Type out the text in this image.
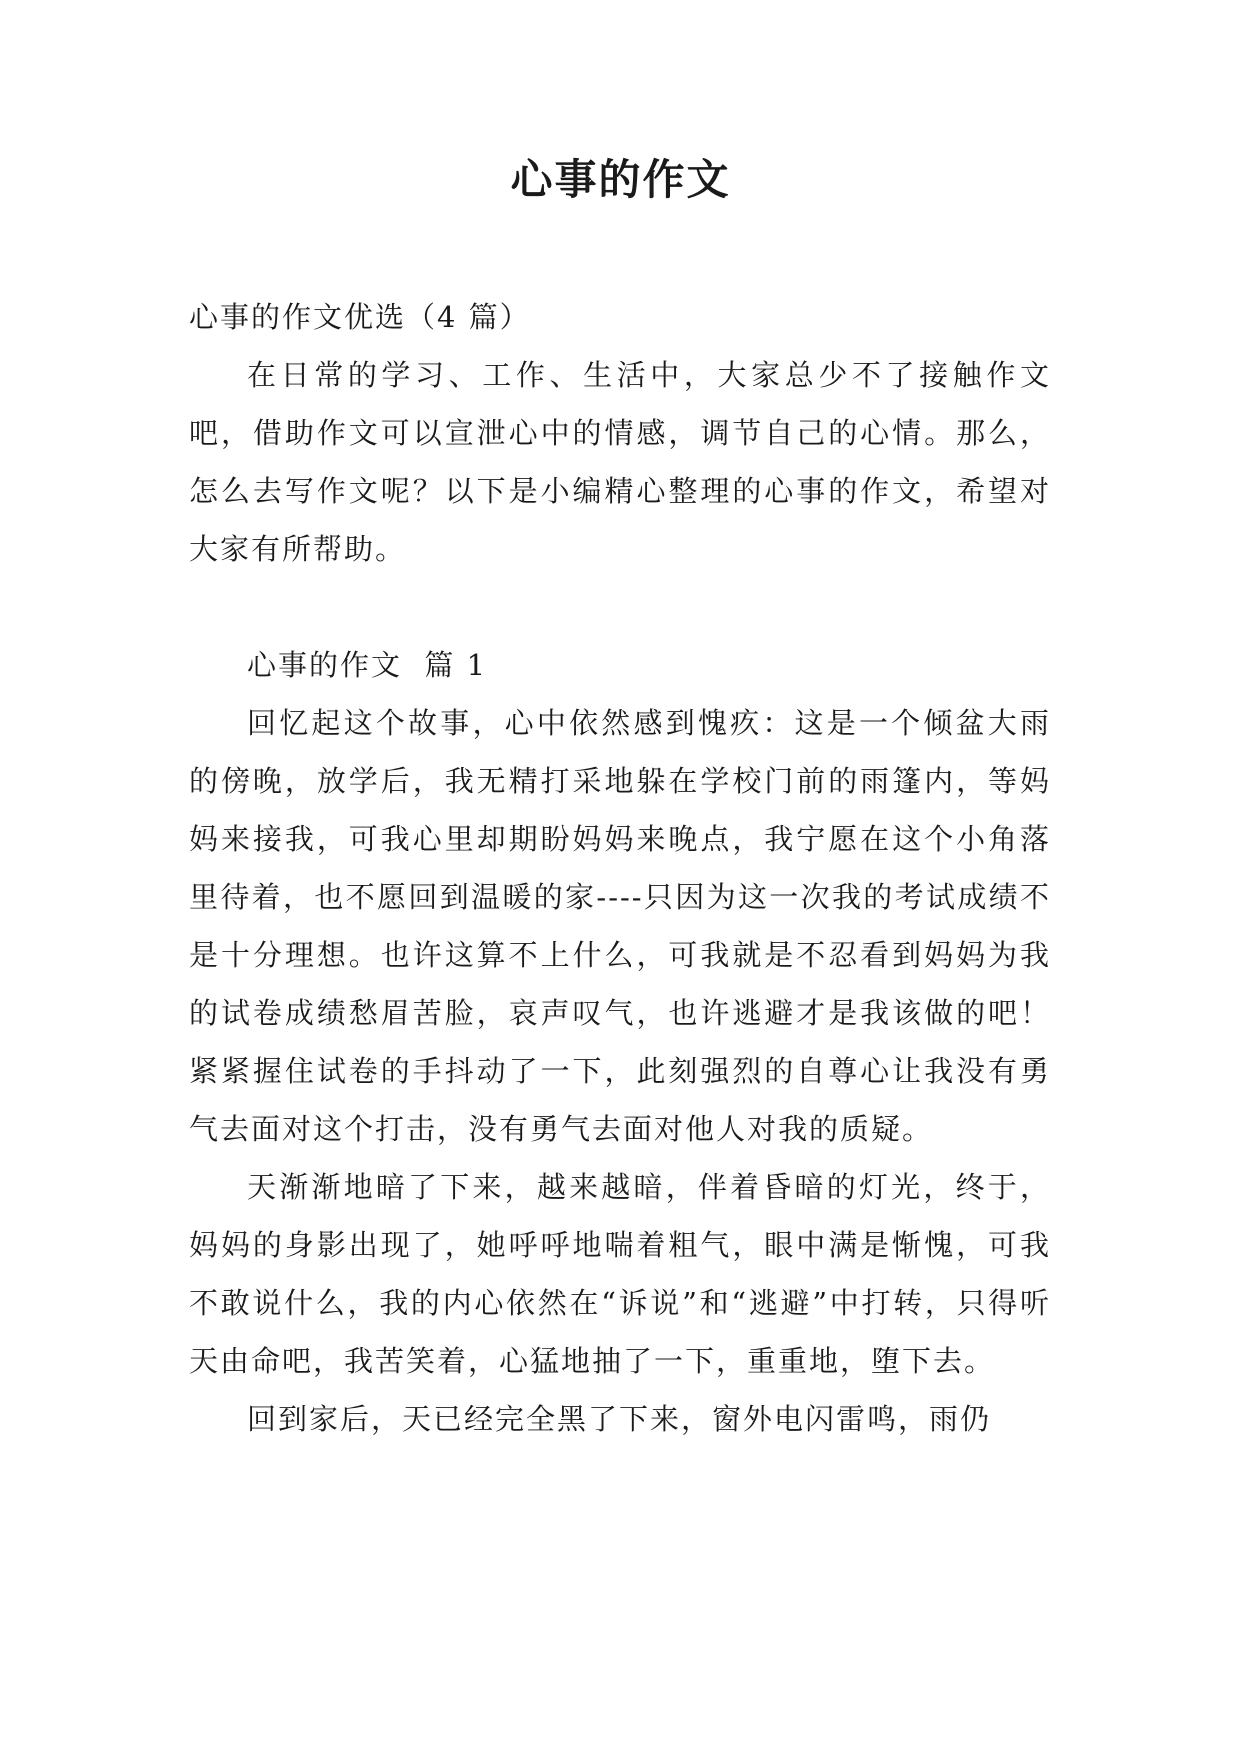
心事的作文

心事的作文优选（4 篇）

在日常的学习、工作、生活中，大家总少不了接触作文吧，借助作文可以宣泄心中的情感，调节自己的心情。那么，怎么去写作文呢？以下是小编精心整理的心事的作文，希望对大家有所帮助。

心事的作文  篇 1

回忆起这个故事，心中依然感到愧疚：这是一个倾盆大雨的傍晚，放学后，我无精打采地躲在学校门前的雨篷内，等妈妈来接我，可我心里却期盼妈妈来晚点，我宁愿在这个小角落里待着，也不愿回到温暖的家----只因为这一次我的考试成绩不是十分理想。也许这算不上什么，可我就是不忍看到妈妈为我的试卷成绩愁眉苦脸，哀声叹气，也许逃避才是我该做的吧！紧紧握住试卷的手抖动了一下，此刻强烈的自尊心让我没有勇气去面对这个打击，没有勇气去面对他人对我的质疑。

天渐渐地暗了下来，越来越暗，伴着昏暗的灯光，终于，妈妈的身影出现了，她呼呼地喘着粗气，眼中满是惭愧，可我不敢说什么，我的内心依然在“诉说”和“逃避”中打转，只得听天由命吧，我苦笑着，心猛地抽了一下，重重地，堕下去。

回到家后，天已经完全黑了下来，窗外电闪雷鸣，雨仍
